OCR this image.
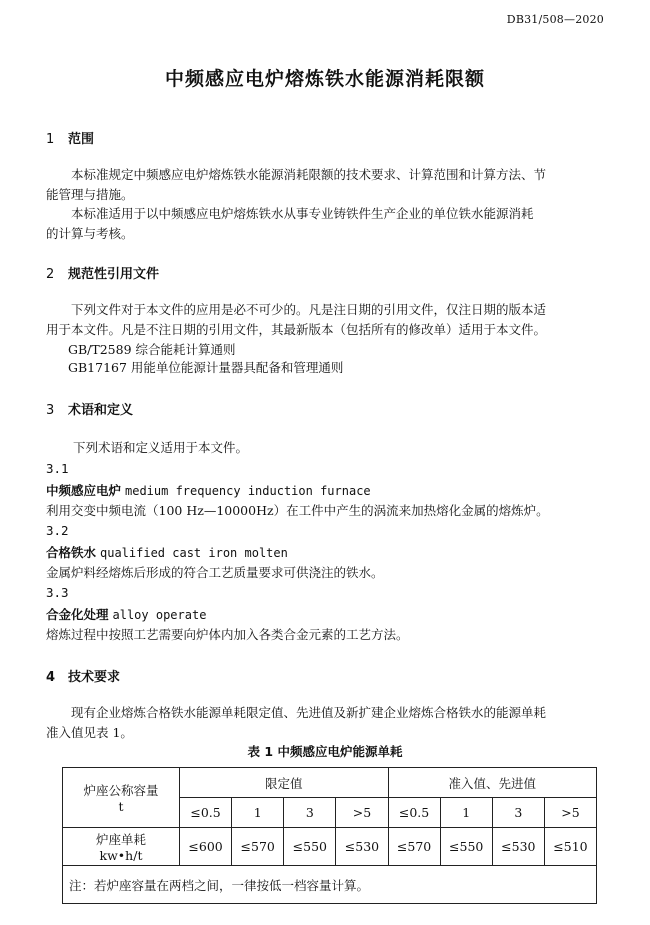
DB31/508—2020
中频感应电炉熔炼铁水能源消耗限额
1 范围
本标准规定中频感应电炉熔炼铁水能源消耗限额的技术要求、计算范围和计算方法、节
能管理与措施。
本标准适用于以中频感应电炉熔炼铁水从事专业铸铁件生产企业的单位铁水能源消耗
的计算与考核。
2 规范性引用文件
下列文件对于本文件的应用是必不可少的。凡是注日期的引用文件，仅注日期的版本适
用于本文件。凡是不注日期的引用文件，其最新版本（包括所有的修改单）适用于本文件。
GB/T2589 综合能耗计算通则
GB17167 用能单位能源计量器具配备和管理通则
3 术语和定义
下列术语和定义适用于本文件。
3.1
中频感应电炉 medium frequency induction furnace
利用交变中频电流（100 Hz—10000Hz）在工件中产生的涡流来加热熔化金属的熔炼炉。
3.2
合格铁水 qualified cast iron molten
金属炉料经熔炼后形成的符合工艺质量要求可供浇注的铁水。
3.3
合金化处理 alloy operate
熔炼过程中按照工艺需要向炉体内加入各类合金元素的工艺方法。
4 技术要求
现有企业熔炼合格铁水能源单耗限定值、先进值及新扩建企业熔炼合格铁水的能源单耗
准入值见表 1。
表 1 中频感应电炉能源单耗
炉座公称容量
t	限定值				准入值、先进值			
	≤0.5	1	3	>5	≤0.5	1	3	>5

炉座单耗
kw•h/t	≤600	≤570	≤550	≤530	≤570	≤550	≤530	≤510
注：若炉座容量在两档之间，一律按低一档容量计算。								
